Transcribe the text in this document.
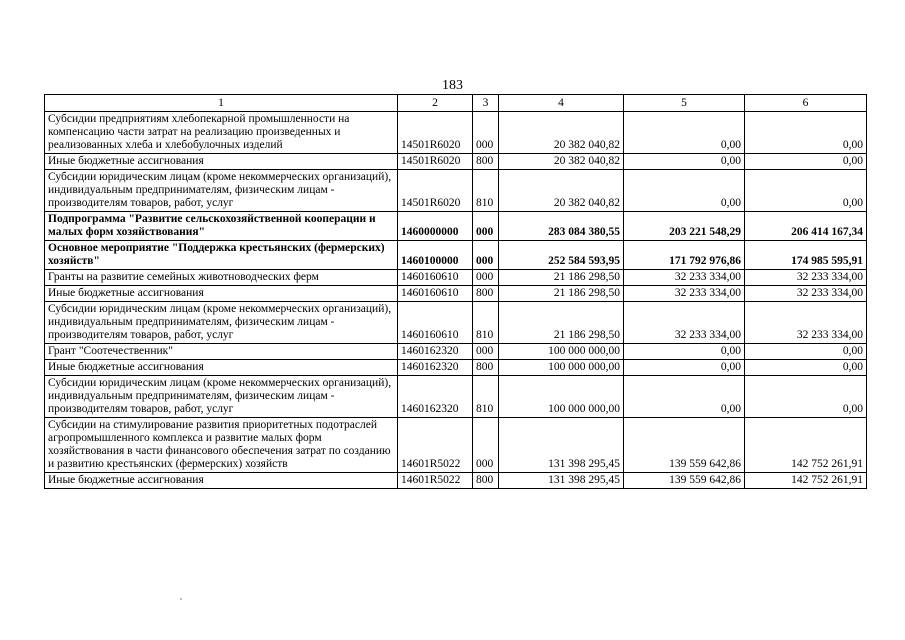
183
1	2	3	4	5	6
Субсидии предприятиям хлебопекарной промышленности на компенсацию части затрат на реализацию произведенных и реализованных хлеба и хлебобулочных изделий	14501R6020	000	20 382 040,82	0,00	0,00
Иные бюджетные ассигнования	14501R6020	800	20 382 040,82	0,00	0,00
Субсидии юридическим лицам (кроме некоммерческих организаций), индивидуальным предпринимателям, физическим лицам - производителям товаров, работ, услуг	14501R6020	810	20 382 040,82	0,00	0,00
Подпрограмма "Развитие сельскохозяйственной кооперации и малых форм хозяйствования"	1460000000	000	283 084 380,55	203 221 548,29	206 414 167,34
Основное мероприятие "Поддержка крестьянских (фермерских) хозяйств"	1460100000	000	252 584 593,95	171 792 976,86	174 985 595,91
Гранты на развитие семейных животноводческих ферм	1460160610	000	21 186 298,50	32 233 334,00	32 233 334,00
Иные бюджетные ассигнования	1460160610	800	21 186 298,50	32 233 334,00	32 233 334,00
Субсидии юридическим лицам (кроме некоммерческих организаций), индивидуальным предпринимателям, физическим лицам - производителям товаров, работ, услуг	1460160610	810	21 186 298,50	32 233 334,00	32 233 334,00
Грант "Соотечественник"	1460162320	000	100 000 000,00	0,00	0,00
Иные бюджетные ассигнования	1460162320	800	100 000 000,00	0,00	0,00
Субсидии юридическим лицам (кроме некоммерческих организаций), индивидуальным предпринимателям, физическим лицам - производителям товаров, работ, услуг	1460162320	810	100 000 000,00	0,00	0,00
Субсидии на стимулирование развития приоритетных подотраслей агропромышленного комплекса и развитие малых форм хозяйствования в части финансового обеспечения затрат по созданию и развитию крестьянских (фермерских) хозяйств	14601R5022	000	131 398 295,45	139 559 642,86	142 752 261,91
Иные бюджетные ассигнования	14601R5022	800	131 398 295,45	139 559 642,86	142 752 261,91
